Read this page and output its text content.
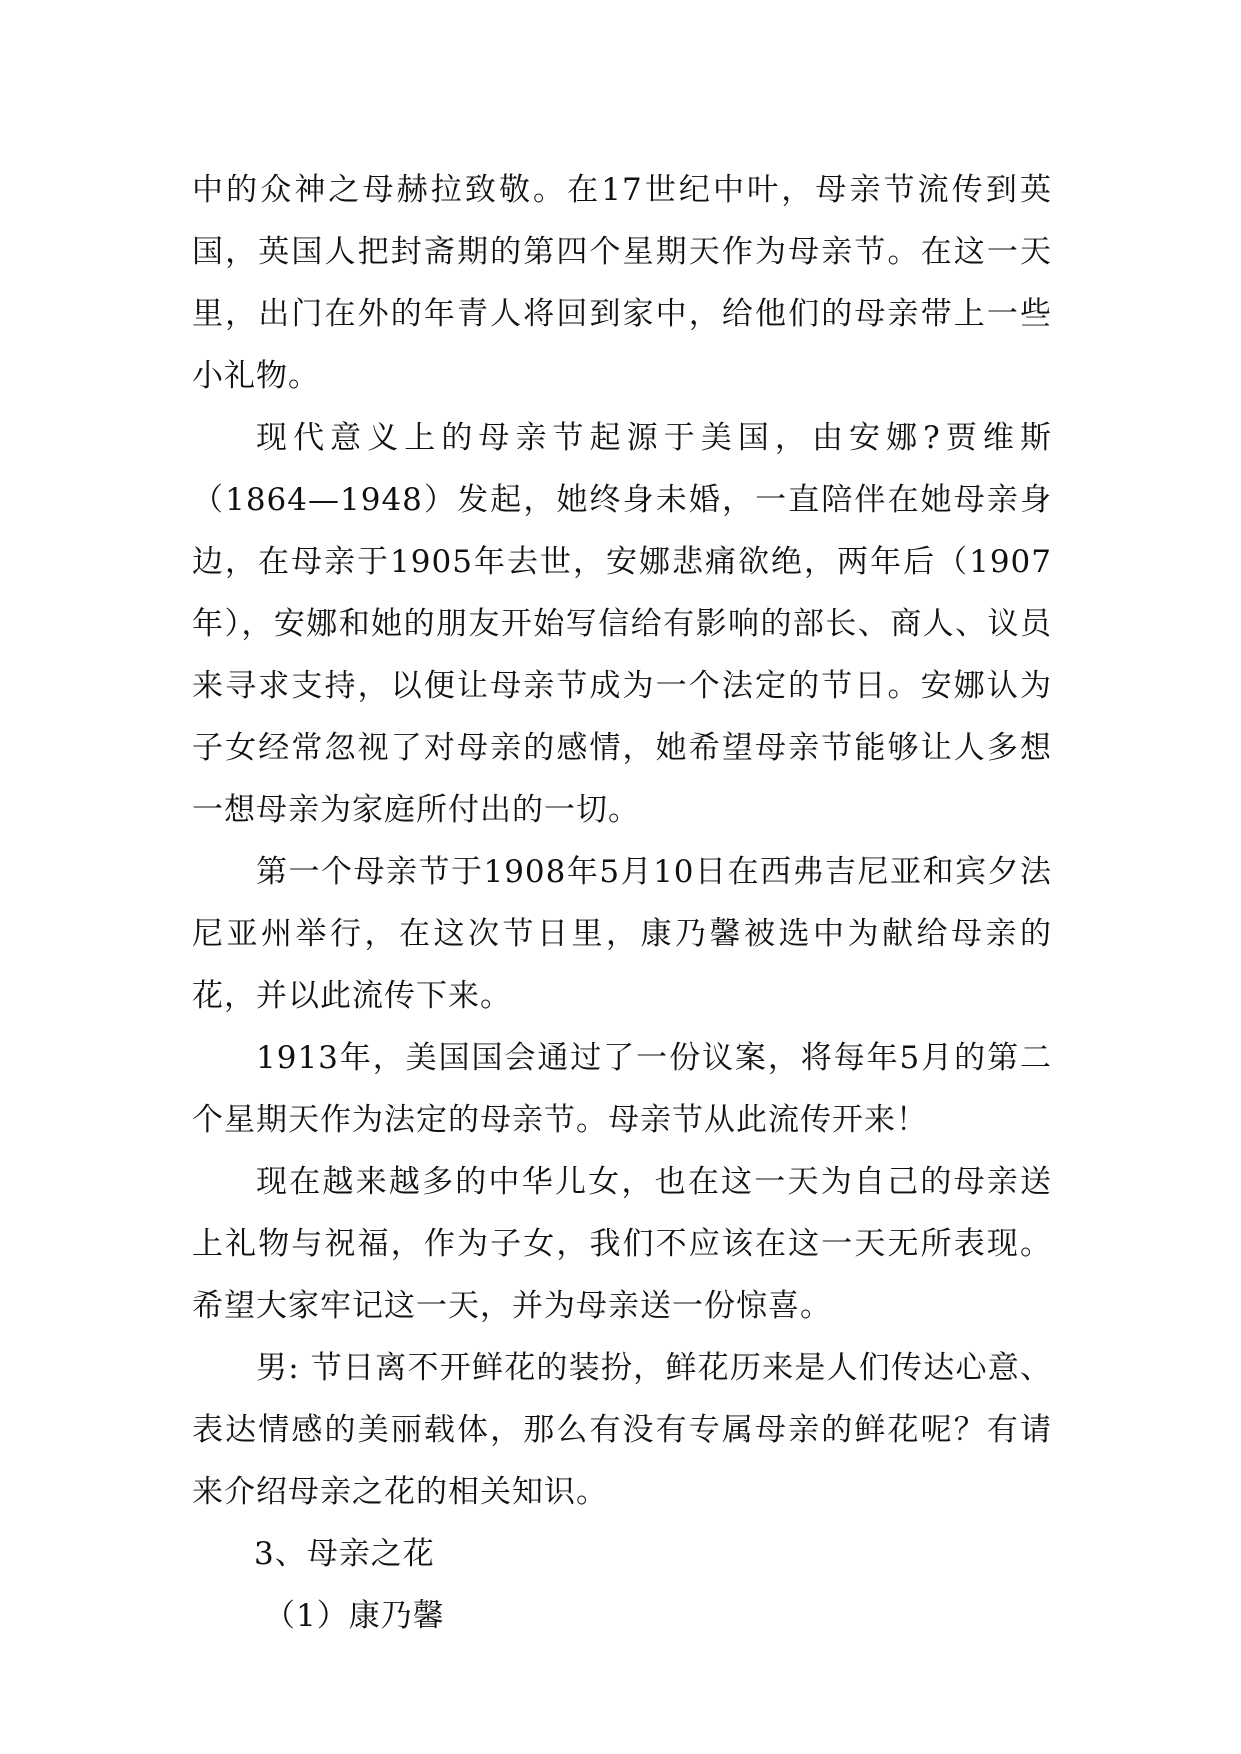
中的众神之母赫拉致敬。在17世纪中叶，母亲节流传到英国，英国人把封斋期的第四个星期天作为母亲节。在这一天里，出门在外的年青人将回到家中，给他们的母亲带上一些小礼物。

现代意义上的母亲节起源于美国，由安娜?贾维斯（1864—1948）发起，她终身未婚，一直陪伴在她母亲身边，在母亲于1905年去世，安娜悲痛欲绝，两年后（1907年），安娜和她的朋友开始写信给有影响的部长、商人、议员来寻求支持，以便让母亲节成为一个法定的节日。安娜认为子女经常忽视了对母亲的感情，她希望母亲节能够让人多想一想母亲为家庭所付出的一切。

第一个母亲节于1908年5月10日在西弗吉尼亚和宾夕法尼亚州举行，在这次节日里，康乃馨被选中为献给母亲的花，并以此流传下来。

1913年，美国国会通过了一份议案，将每年5月的第二个星期天作为法定的母亲节。母亲节从此流传开来！

现在越来越多的中华儿女，也在这一天为自己的母亲送上礼物与祝福，作为子女，我们不应该在这一天无所表现。希望大家牢记这一天，并为母亲送一份惊喜。

男: 节日离不开鲜花的装扮，鲜花历来是人们传达心意、表达情感的美丽载体，那么有没有专属母亲的鲜花呢？有请来介绍母亲之花的相关知识。

3、母亲之花

（1）康乃馨
